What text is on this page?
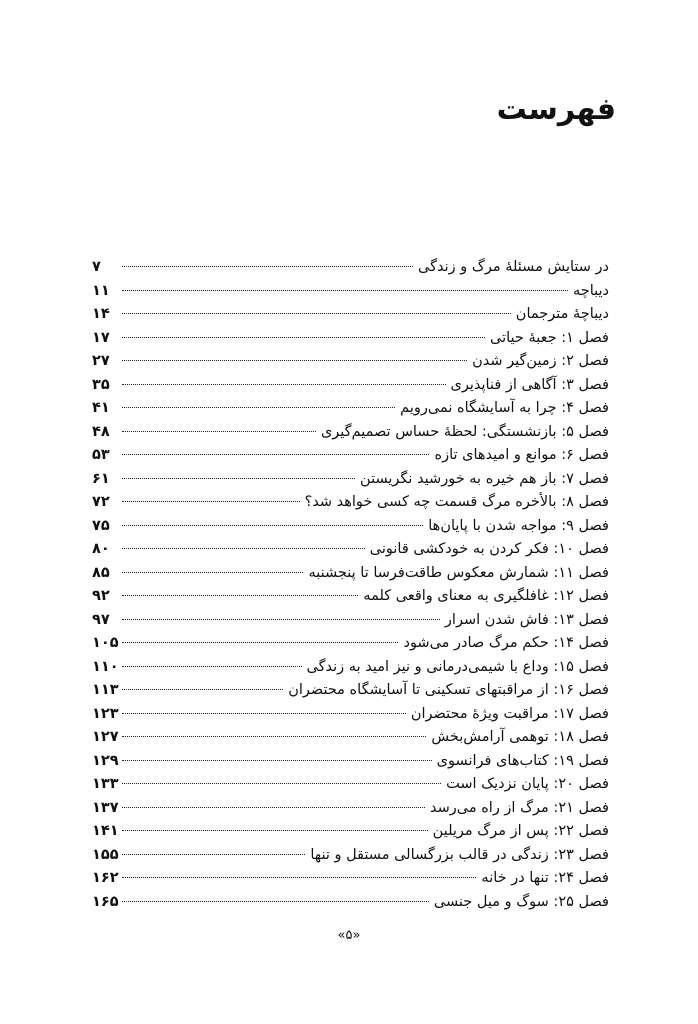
فهرست
در ستایش مسئلهٔ مرگ و زندگی
۷
دیباچه
۱۱
دیباچهٔ مترجمان
۱۴
فصل ۱: جعبهٔ حیاتی
۱۷
فصل ۲: زمین‌گیر شدن
۲۷
فصل ۳: آگاهی از فناپذیری
۳۵
فصل ۴: چرا به آسایشگاه نمی‌رویم
۴۱
فصل ۵: بازنشستگی: لحظهٔ حساس تصمیم‌گیری
۴۸
فصل ۶: موانع و امیدهای تازه
۵۳
فصل ۷: باز هم خیره به خورشید نگریستن
۶۱
فصل ۸: بالأخره مرگ قسمت چه کسی خواهد شد؟
۷۲
فصل ۹: مواجه شدن با پایان‌ها
۷۵
فصل ۱۰: فکر کردن به خودکشی قانونی
۸۰
فصل ۱۱: شمارش معکوس طاقت‌فرسا تا پنجشنبه
۸۵
فصل ۱۲: غافلگیری به معنای واقعی کلمه
۹۲
فصل ۱۳: فاش شدن اسرار
۹۷
فصل ۱۴: حکم مرگ صادر می‌شود
۱۰۵
فصل ۱۵: وداع با شیمی‌درمانی و نیز امید به زندگی
۱۱۰
فصل ۱۶: از مراقبتهای تسکینی تا آسایشگاه محتضران
۱۱۳
فصل ۱۷: مراقبت ویژهٔ محتضران
۱۲۳
فصل ۱۸: توهمی آرامش‌بخش
۱۲۷
فصل ۱۹: کتاب‌های فرانسوی
۱۲۹
فصل ۲۰: پایان نزدیک است
۱۳۳
فصل ۲۱: مرگ از راه می‌رسد
۱۳۷
فصل ۲۲: پس از مرگ مریلین
۱۴۱
فصل ۲۳: زندگی در قالب بزرگسالی مستقل و تنها
۱۵۵
فصل ۲۴: تنها در خانه
۱۶۲
فصل ۲۵: سوگ و میل جنسی
۱۶۵
«۵»
